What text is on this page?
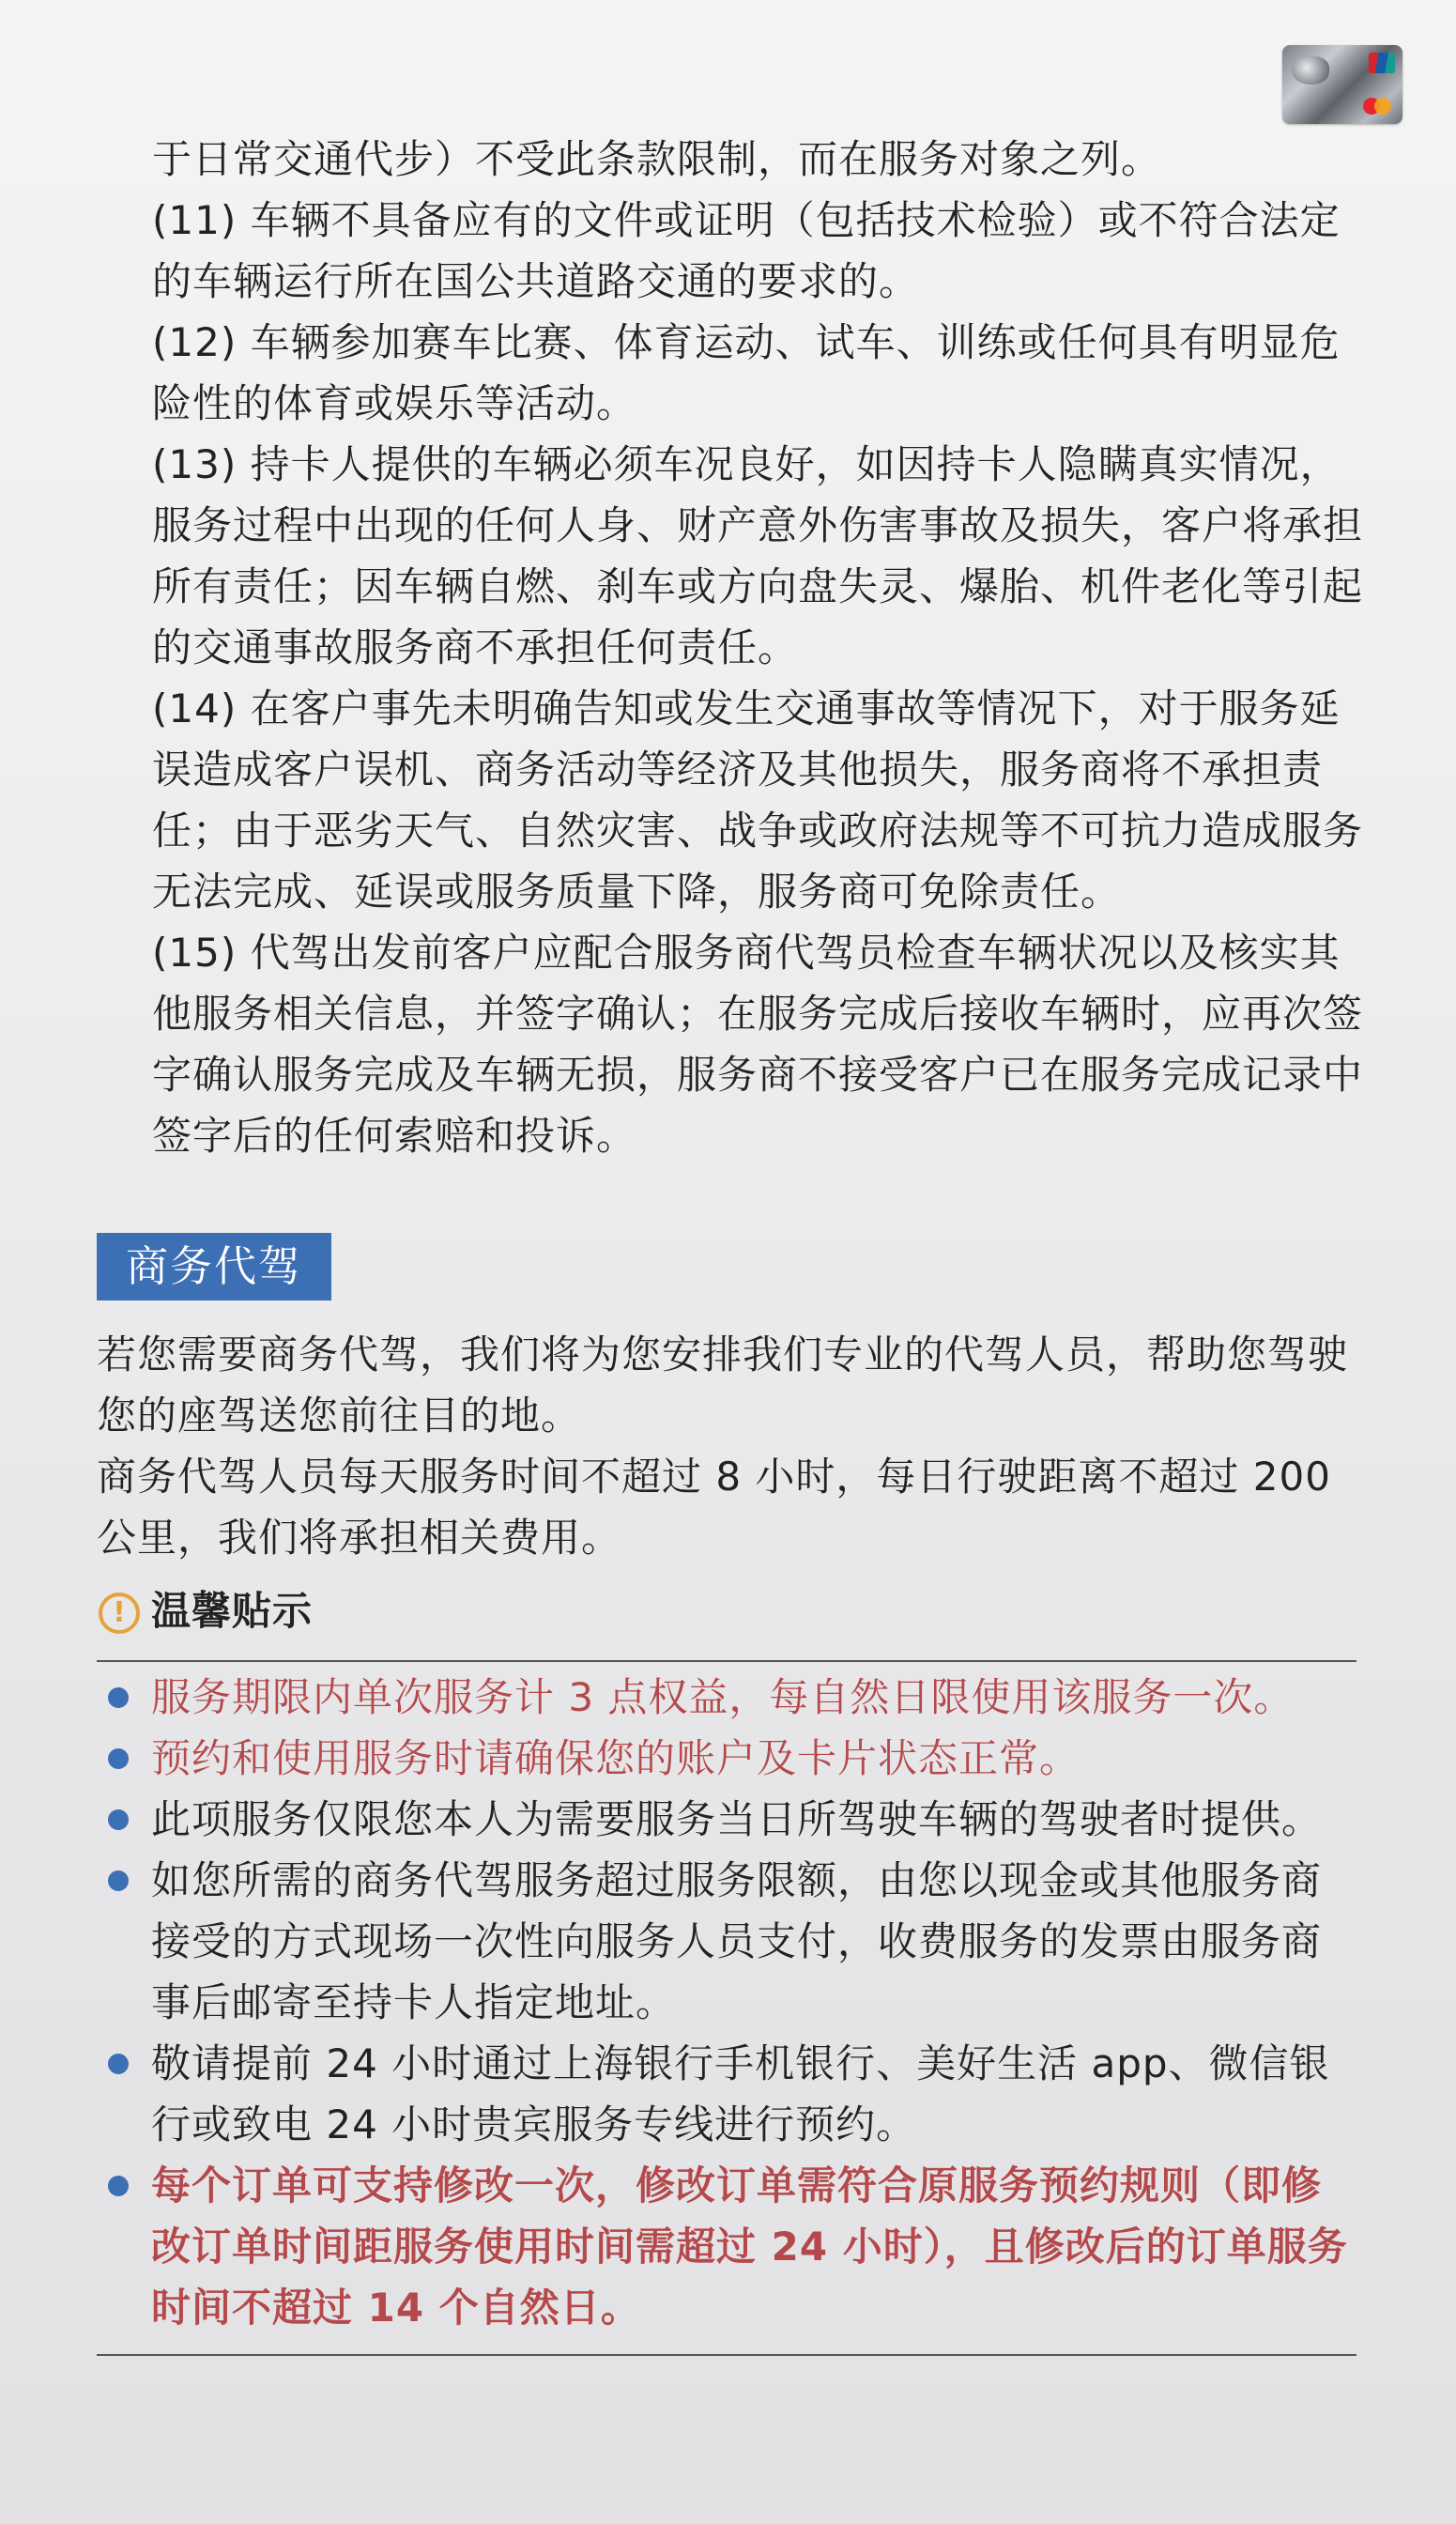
于日常交通代步）不受此条款限制，而在服务对象之列。

(11) 车辆不具备应有的文件或证明（包括技术检验）或不符合法定的车辆运行所在国公共道路交通的要求的。

(12) 车辆参加赛车比赛、体育运动、试车、训练或任何具有明显危险性的体育或娱乐等活动。

(13) 持卡人提供的车辆必须车况良好，如因持卡人隐瞒真实情况，服务过程中出现的任何人身、财产意外伤害事故及损失，客户将承担所有责任；因车辆自燃、刹车或方向盘失灵、爆胎、机件老化等引起的交通事故服务商不承担任何责任。

(14) 在客户事先未明确告知或发生交通事故等情况下，对于服务延误造成客户误机、商务活动等经济及其他损失，服务商将不承担责任；由于恶劣天气、自然灾害、战争或政府法规等不可抗力造成服务无法完成、延误或服务质量下降，服务商可免除责任。

(15) 代驾出发前客户应配合服务商代驾员检查车辆状况以及核实其他服务相关信息，并签字确认；在服务完成后接收车辆时，应再次签字确认服务完成及车辆无损，服务商不接受客户已在服务完成记录中签字后的任何索赔和投诉。

商务代驾

若您需要商务代驾，我们将为您安排我们专业的代驾人员，帮助您驾驶您的座驾送您前往目的地。

商务代驾人员每天服务时间不超过 8 小时，每日行驶距离不超过 200 公里，我们将承担相关费用。

! 温馨贴示
服务期限内单次服务计 3 点权益，每自然日限使用该服务一次。
预约和使用服务时请确保您的账户及卡片状态正常。
此项服务仅限您本人为需要服务当日所驾驶车辆的驾驶者时提供。
如您所需的商务代驾服务超过服务限额，由您以现金或其他服务商接受的方式现场一次性向服务人员支付，收费服务的发票由服务商事后邮寄至持卡人指定地址。
敬请提前 24 小时通过上海银行手机银行、美好生活 app、微信银行或致电 24 小时贵宾服务专线进行预约。
每个订单可支持修改一次，修改订单需符合原服务预约规则（即修改订单时间距服务使用时间需超过 24 小时），且修改后的订单服务时间不超过 14 个自然日。
